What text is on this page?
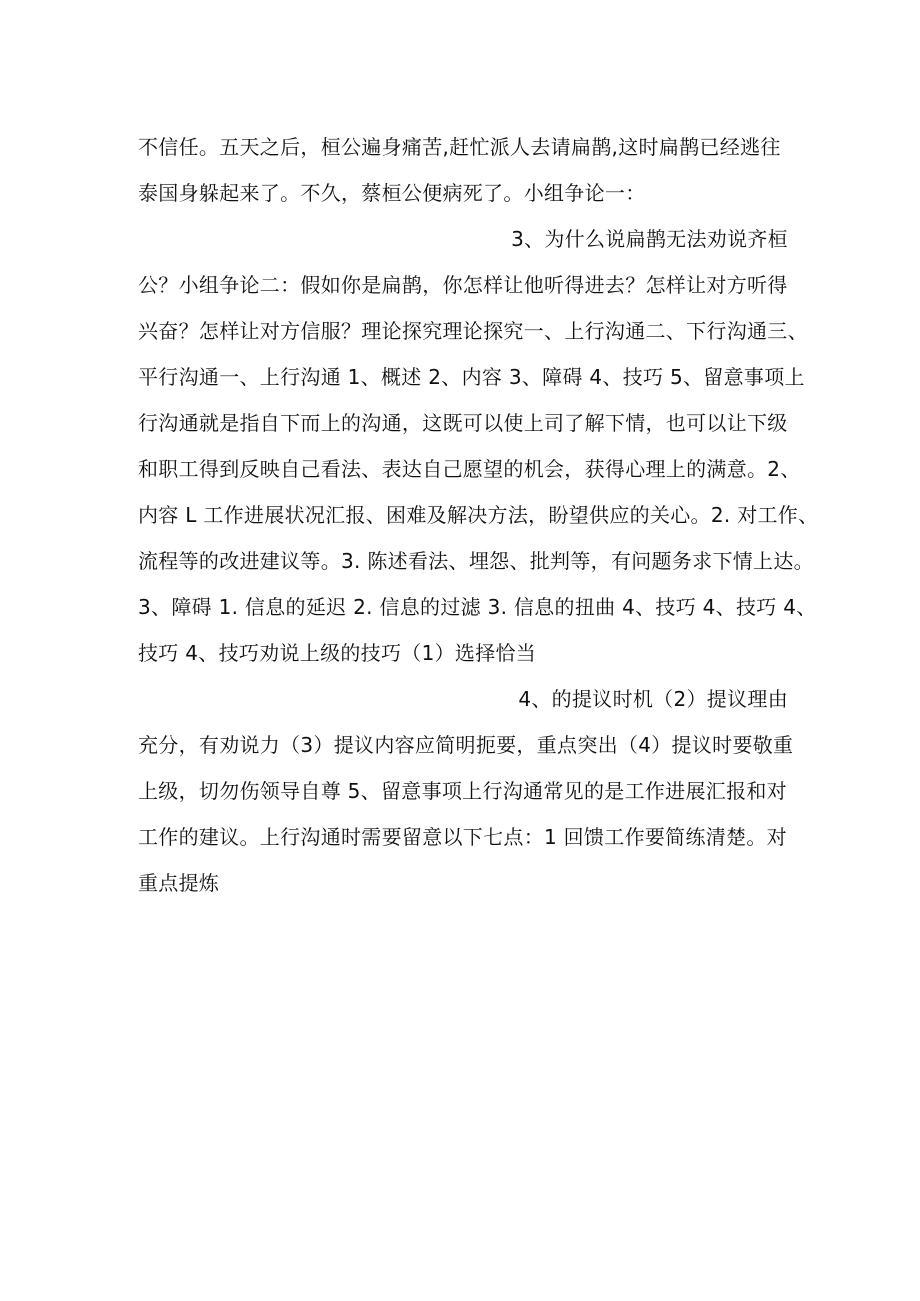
不信任。五天之后，桓公遍身痛苦,赶忙派人去请扁鹊,这时扁鹊已经逃往
泰国身躲起来了。不久，蔡桓公便病死了。小组争论一：
3、为什么说扁鹊无法劝说齐桓
公？小组争论二：假如你是扁鹊，你怎样让他听得进去？怎样让对方听得
兴奋？怎样让对方信服？理论探究理论探究一、上行沟通二、下行沟通三、
平行沟通一、上行沟通 1、概述 2、内容 3、障碍 4、技巧 5、留意事项上
行沟通就是指自下而上的沟通，这既可以使上司了解下情，也可以让下级
和职工得到反映自己看法、表达自己愿望的机会，获得心理上的满意。2、
内容 L 工作进展状况汇报、困难及解决方法，盼望供应的关心。2. 对工作、
流程等的改进建议等。3. 陈述看法、埋怨、批判等，有问题务求下情上达。
3、障碍 1. 信息的延迟 2. 信息的过滤 3. 信息的扭曲 4、技巧 4、技巧 4、
技巧 4、技巧劝说上级的技巧（1）选择恰当
4、的提议时机（2）提议理由
充分，有劝说力（3）提议内容应简明扼要，重点突出（4）提议时要敬重
上级，切勿伤领导自尊 5、留意事项上行沟通常见的是工作进展汇报和对
工作的建议。上行沟通时需要留意以下七点：1 回馈工作要简练清楚。对
重点提炼
